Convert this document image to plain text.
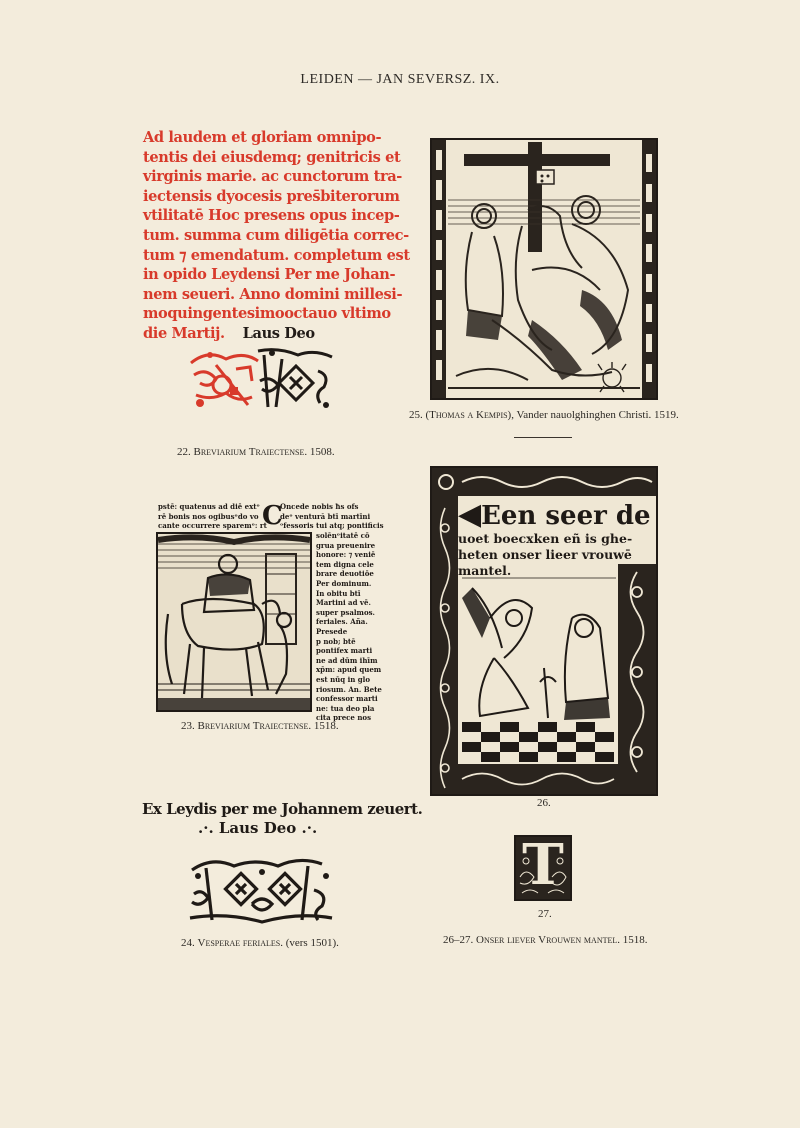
LEIDEN — JAN SEVERSZ. IX.
Ad laudem et gloriam omnipo-
tentis dei eiusdemq; genitricis et
virginis marie. ac cunctorum tra-
iectensis dyocesis pres̄biterorum
vtilitatē Hoc presens opus incep-
tum. summa cum diligētia correc-
tum ⁊ emendatum. completum est
in opido Leydensi Per me Johan-
nem seueri. Anno domini millesi-
moquingentesimooctauo vltimo
die Martij. Laus Deo
22. Breviarium Traiectense. 1508.
25. (Thomas a Kempis), Vander nauolghinghen Christi. 1519.
pstē: quatenus ad diē extᵒ
rē bonis nos ogibusᵒdo vo
cante occurrere sparemᵒ: rt
C
Oncede nobis ħs ofs
deᵒ ventură btī martīni
ᵒfessoris tui atq; pontificis
solēnᵒitatē cō
grua preuenire
honore: ⁊ veniē
tem digna cele
brare deuotiōe
Per dominum.
In obitu btī
Martini ad vē.
super psalmos.
feriales. Aña.
Presede
p nob; btē
pontifex marti
ne ad dūm ihīm
xp̄m: apud quem
est nūq in glo
riosum. An. Bete
confessor marti
ne: tua deo pla
cita prece nos
23. Breviarium Traiectense. 1518.
◀Een seer de
uoet boecxken eñ is ghe-
heten onser lieer vrouwē
mantel.
26.
Ex Leydis per me Johannem zeuert.
.·. Laus Deo .·.
24. Vesperae feriales. (vers 1501).
T
27.
26–27. Onser liever Vrouwen mantel. 1518.
